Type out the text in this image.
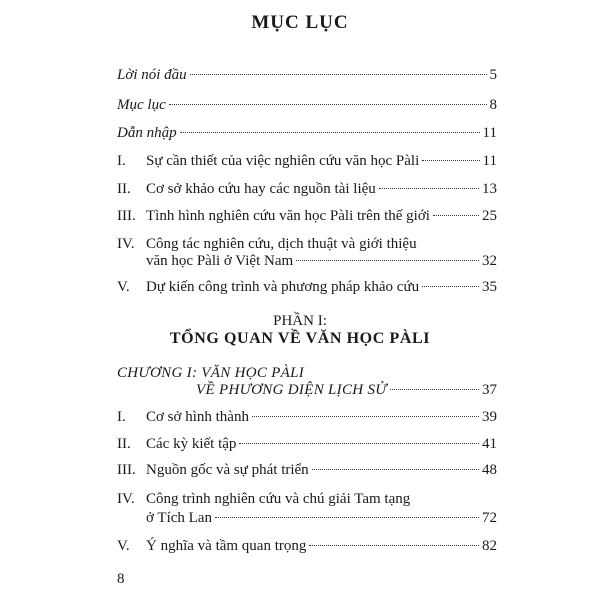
MỤC LỤC
Lời nói đầu	5
Mục lục	8
Dẫn nhập	11
I. Sự cần thiết của việc nghiên cứu văn học Pàli	11
II. Cơ sở khảo cứu hay các nguồn tài liệu	13
III. Tình hình nghiên cứu văn học Pàli trên thế giới	25
IV. Công tác nghiên cứu, dịch thuật và giới thiệu
văn học Pàli ở Việt Nam	32
V. Dự kiến công trình và phương pháp khảo cứu	35
PHẦN I:
TỔNG QUAN VỀ VĂN HỌC PÀLI
CHƯƠNG I: VĂN HỌC PÀLI
VỀ PHƯƠNG DIỆN LỊCH SỬ	37
I. Cơ sở hình thành	39
II. Các kỳ kiết tập	41
III. Nguồn gốc và sự phát triển	48
IV. Công trình nghiên cứu và chú giải Tam tạng
ở Tích Lan	72
V. Ý nghĩa và tầm quan trọng	82
8
